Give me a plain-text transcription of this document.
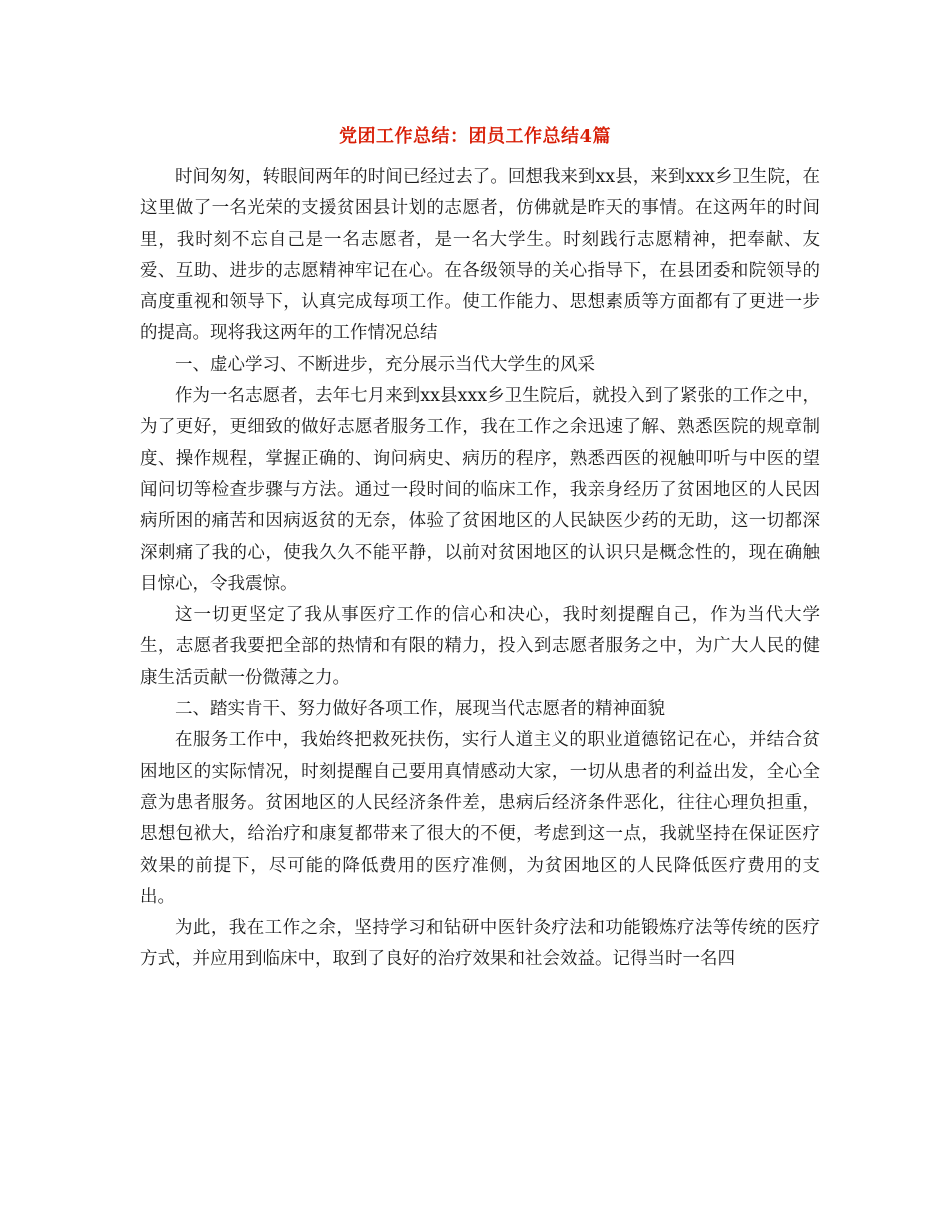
党团工作总结：团员工作总结4篇

时间匆匆，转眼间两年的时间已经过去了。回想我来到xx县，来到xxx乡卫生院，在这里做了一名光荣的支援贫困县计划的志愿者，仿佛就是昨天的事情。在这两年的时间里，我时刻不忘自己是一名志愿者，是一名大学生。时刻践行志愿精神，把奉献、友爱、互助、进步的志愿精神牢记在心。在各级领导的关心指导下，在县团委和院领导的高度重视和领导下，认真完成每项工作。使工作能力、思想素质等方面都有了更进一步的提高。现将我这两年的工作情况总结

一、虚心学习、不断进步，充分展示当代大学生的风采

作为一名志愿者，去年七月来到xx县xxx乡卫生院后，就投入到了紧张的工作之中，为了更好，更细致的做好志愿者服务工作，我在工作之余迅速了解、熟悉医院的规章制度、操作规程，掌握正确的、询问病史、病历的程序，熟悉西医的视触叩听与中医的望闻问切等检查步骤与方法。通过一段时间的临床工作，我亲身经历了贫困地区的人民因病所困的痛苦和因病返贫的无奈，体验了贫困地区的人民缺医少药的无助，这一切都深深刺痛了我的心，使我久久不能平静，以前对贫困地区的认识只是概念性的，现在确触目惊心，令我震惊。

这一切更坚定了我从事医疗工作的信心和决心，我时刻提醒自己，作为当代大学生，志愿者我要把全部的热情和有限的精力，投入到志愿者服务之中，为广大人民的健康生活贡献一份微薄之力。

二、踏实肯干、努力做好各项工作，展现当代志愿者的精神面貌

在服务工作中，我始终把救死扶伤，实行人道主义的职业道德铭记在心，并结合贫困地区的实际情况，时刻提醒自己要用真情感动大家，一切从患者的利益出发，全心全意为患者服务。贫困地区的人民经济条件差，患病后经济条件恶化，往往心理负担重，思想包袱大，给治疗和康复都带来了很大的不便，考虑到这一点，我就坚持在保证医疗效果的前提下，尽可能的降低费用的医疗准侧，为贫困地区的人民降低医疗费用的支出。

为此，我在工作之余，坚持学习和钻研中医针灸疗法和功能锻炼疗法等传统的医疗方式，并应用到临床中，取到了良好的治疗效果和社会效益。记得当时一名四
